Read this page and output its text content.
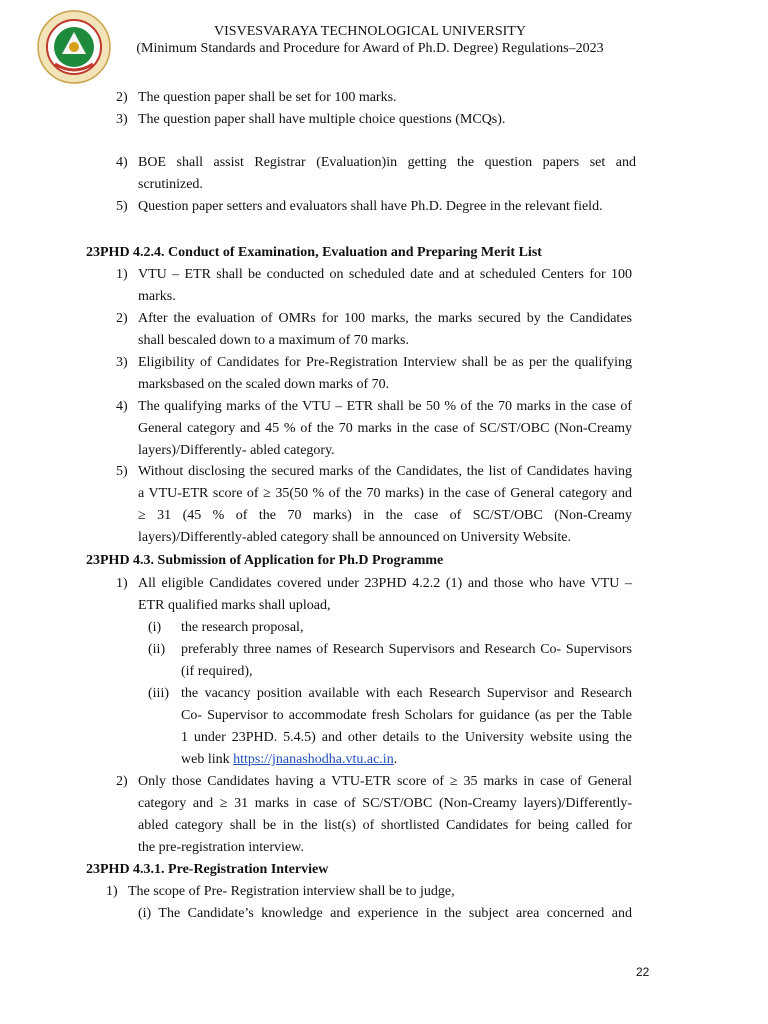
VISVESVARAYA TECHNOLOGICAL UNIVERSITY
(Minimum Standards and Procedure for Award of Ph.D. Degree) Regulations–2023
2) The question paper shall be set for 100 marks.
3) The question paper shall have multiple choice questions (MCQs).
4) BOE shall assist Registrar (Evaluation)in getting the question papers set and
scrutinized.
5) Question paper setters and evaluators shall have Ph.D. Degree in the relevant field.
23PHD 4.2.4. Conduct of Examination, Evaluation and Preparing Merit List
1) VTU – ETR shall be conducted on scheduled date and at scheduled Centers for 100
marks.
2) After the evaluation of OMRs for 100 marks, the marks secured by the Candidates
shall bescaled down to a maximum of 70 marks.
3) Eligibility of Candidates for Pre-Registration Interview shall be as per the qualifying
marksbased on the scaled down marks of 70.
4) The qualifying marks of the VTU – ETR shall be 50 % of the 70 marks in the case of
General category and 45 % of the 70 marks in the case of SC/ST/OBC (Non-Creamy
layers)/Differently- abled category.
5) Without disclosing the secured marks of the Candidates, the list of Candidates having
a VTU-ETR score of ≥ 35(50 % of the 70 marks) in the case of General category and
≥ 31 (45 % of the 70 marks) in the case of SC/ST/OBC (Non-Creamy
layers)/Differently-abled category shall be announced on University Website.
23PHD 4.3. Submission of Application for Ph.D Programme
1) All eligible Candidates covered under 23PHD 4.2.2 (1) and those who have VTU –
ETR qualified marks shall upload,
(i) the research proposal,
(ii) preferably three names of Research Supervisors and Research Co- Supervisors
(if required),
(iii) the vacancy position available with each Research Supervisor and Research
Co- Supervisor to accommodate fresh Scholars for guidance (as per the Table
1 under 23PHD. 5.4.5) and other details to the University website using the
web link https://jnanashodha.vtu.ac.in.
2) Only those Candidates having a VTU-ETR score of ≥ 35 marks in case of General
category and ≥ 31 marks in case of SC/ST/OBC (Non-Creamy layers)/Differently-
abled category shall be in the list(s) of shortlisted Candidates for being called for
the pre-registration interview.
23PHD 4.3.1. Pre-Registration Interview
1) The scope of Pre- Registration interview shall be to judge,
(i) The Candidate’s knowledge and experience in the subject area concerned and
22
